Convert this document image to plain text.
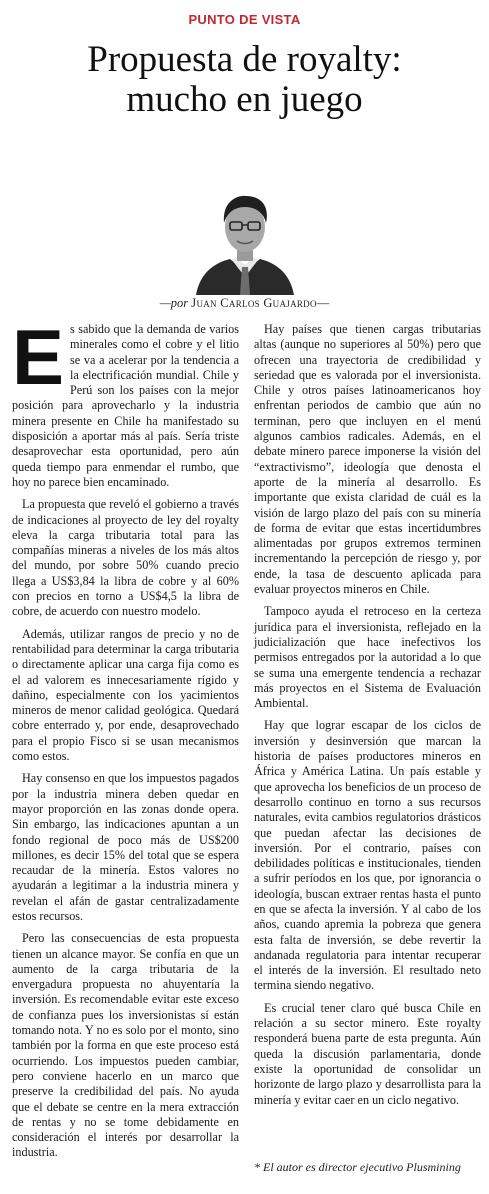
PUNTO DE VISTA
Propuesta de royalty:
mucho en juego
—por Juan Carlos Guajardo—

Es sabido que la demanda de varios minerales como el cobre y el litio se va a acelerar por la tendencia a la electrificación mundial. Chile y Perú son los países con la mejor posición para aprovecharlo y la industria minera presente en Chile ha manifestado su disposición a aportar más al país. Sería triste desaprovechar esta oportunidad, pero aún queda tiempo para enmendar el rumbo, que hoy no parece bien encaminado.

La propuesta que reveló el gobierno a través de indicaciones al proyecto de ley del royalty eleva la carga tributaria total para las compañías mineras a niveles de los más altos del mundo, por sobre 50% cuando precio llega a US$3,84 la libra de cobre y al 60% con precios en torno a US$4,5 la libra de cobre, de acuerdo con nuestro modelo.

Además, utilizar rangos de precio y no de rentabilidad para determinar la carga tributaria o directamente aplicar una carga fija como es el ad valorem es innecesariamente rígido y dañino, especialmente con los yacimientos mineros de menor calidad geológica. Quedará cobre enterrado y, por ende, desaprovechado para el propio Fisco si se usan mecanismos como estos.

Hay consenso en que los impuestos pagados por la industria minera deben quedar en mayor proporción en las zonas donde opera. Sin embargo, las indicaciones apuntan a un fondo regional de poco más de US$200 millones, es decir 15% del total que se espera recaudar de la minería. Estos valores no ayudarán a legitimar a la industria minera y revelan el afán de gastar centralizadamente estos recursos.

Pero las consecuencias de esta propuesta tienen un alcance mayor. Se confía en que un aumento de la carga tributaria de la envergadura propuesta no ahuyentaría la inversión. Es recomendable evitar este exceso de confianza pues los inversionistas sí están tomando nota. Y no es solo por el monto, sino también por la forma en que este proceso está ocurriendo. Los impuestos pueden cambiar, pero conviene hacerlo en un marco que preserve la credibilidad del país. No ayuda que el debate se centre en la mera extracción de rentas y no se tome debidamente en consideración el interés por desarrollar la industria.

Hay países que tienen cargas tributarias altas (aunque no superiores al 50%) pero que ofrecen una trayectoria de credibilidad y seriedad que es valorada por el inversionista. Chile y otros países latinoamericanos hoy enfrentan periodos de cambio que aún no terminan, pero que incluyen en el menú algunos cambios radicales. Además, en el debate minero parece imponerse la visión del “extractivismo”, ideología que denosta el aporte de la minería al desarrollo. Es importante que exista claridad de cuál es la visión de largo plazo del país con su minería de forma de evitar que estas incertidumbres alimentadas por grupos extremos terminen incrementando la percepción de riesgo y, por ende, la tasa de descuento aplicada para evaluar proyectos mineros en Chile.

Tampoco ayuda el retroceso en la certeza jurídica para el inversionista, reflejado en la judicialización que hace inefectivos los permisos entregados por la autoridad a lo que se suma una emergente tendencia a rechazar más proyectos en el Sistema de Evaluación Ambiental.

Hay que lograr escapar de los ciclos de inversión y desinversión que marcan la historia de países productores mineros en África y América Latina. Un país estable y que aprovecha los beneficios de un proceso de desarrollo continuo en torno a sus recursos naturales, evita cambios regulatorios drásticos que puedan afectar las decisiones de inversión. Por el contrario, países con debilidades políticas e institucionales, tienden a sufrir períodos en los que, por ignorancia o ideología, buscan extraer rentas hasta el punto en que se afecta la inversión. Y al cabo de los años, cuando apremia la pobreza que genera esta falta de inversión, se debe revertir la andanada regulatoria para intentar recuperar el interés de la inversión. El resultado neto termina siendo negativo.

Es crucial tener claro qué busca Chile en relación a su sector minero. Este royalty responderá buena parte de esta pregunta. Aún queda la discusión parlamentaria, donde existe la oportunidad de consolidar un horizonte de largo plazo y desarrollista para la minería y evitar caer en un ciclo negativo.

* El autor es director ejecutivo Plusmining
